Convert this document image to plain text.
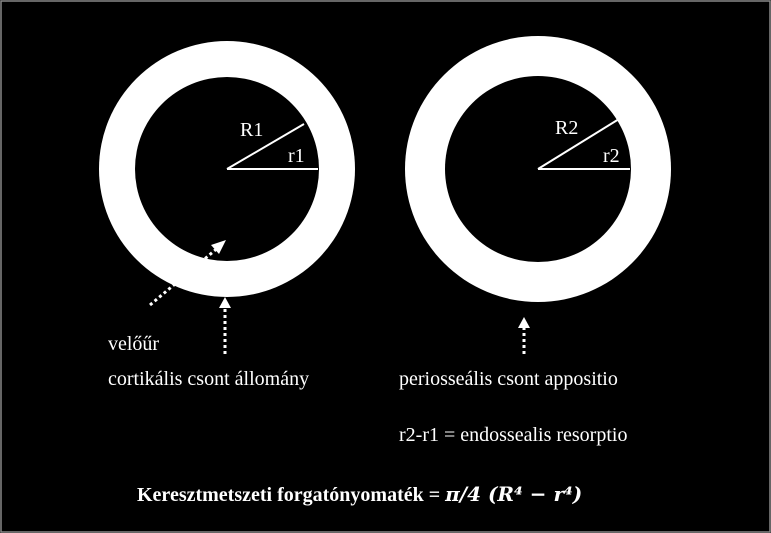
R1
r1
R2
r2
velőűr
cortikális csont állomány	periosseális csont appositio
r2-r1 = endossealis resorptio
Keresztmetszeti forgatónyomaték = π/4 (R⁴ − r⁴)
